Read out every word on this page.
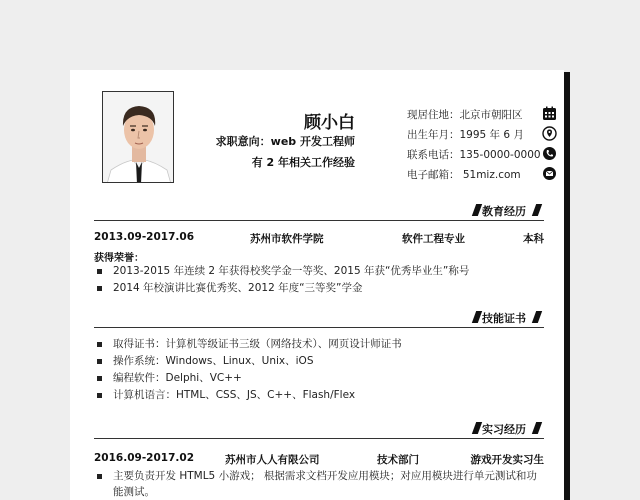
顾小白
求职意向：web 开发工程师
有 2 年相关工作经验
现居住地：北京市朝阳区
出生年月：1995 年 6 月
联系电话：135-0000-0000
电子邮箱： 51miz.com
教育经历
2013.09-2017.06	苏州市软件学院	软件工程专业	本科
获得荣誉：
2013-2015 年连续 2 年获得校奖学金一等奖、2015 年获“优秀毕业生”称号
2014 年校演讲比赛优秀奖、2012 年度“三等奖”学金
技能证书
取得证书：计算机等级证书三级（网络技术）、网页设计师证书
操作系统：Windows、Linux、Unix、iOS
编程软件：Delphi、VC++
计算机语言：HTML、CSS、JS、C++、Flash/Flex
实习经历
2016.09-2017.02	苏州市人人有限公司	技术部门	游戏开发实习生
主要负责开发 HTML5 小游戏； 根据需求文档开发应用模块；对应用模块进行单元测试和功能测试。
